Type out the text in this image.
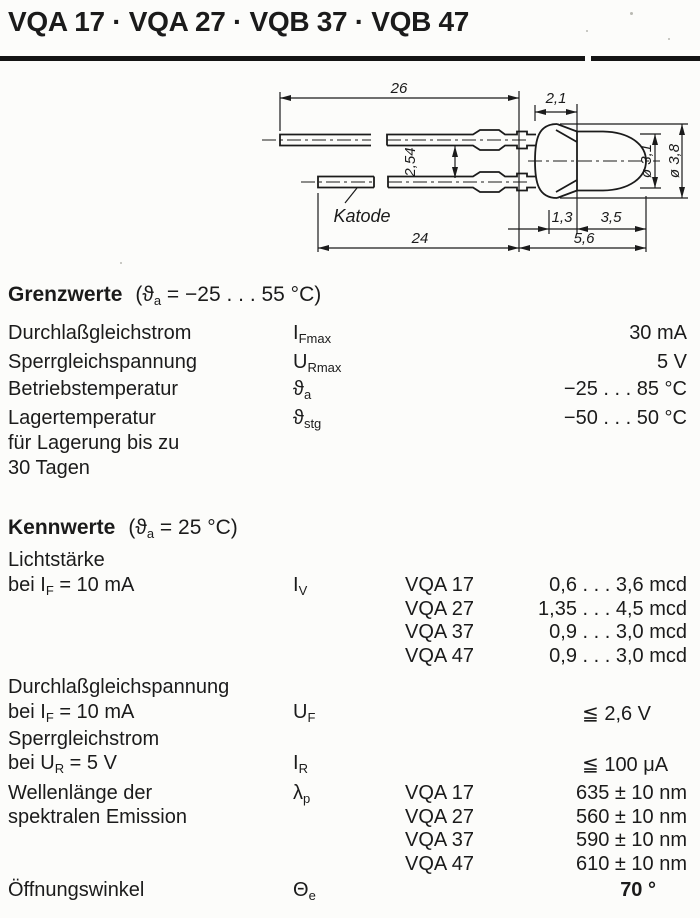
VQA 17 · VQA 27 · VQB 37 · VQB 47
26
2,1
2,54
24
1,3 3,5
5,6
ø 3,1 ø 3,8
Katode
Grenzwerte ($ϑ_a = -25$ . . . 55 °C)
Durchlaßgleichstrom	$I_{Fmax}$	30 mA
Sperrgleichspannung	$U_{Rmax}$	5 V
Betriebstemperatur	$ϑ_a$	−25 . . . 85 °C
Lagertemperatur	$ϑ_{stg}$	−50 . . . 50 °C
für Lagerung bis zu
30 Tagen
Kennwerte ($ϑ_a = 25$ °C)
Lichtstärke
bei $I_F = 10$ mA	$I_V$	VQA 17	0,6 . . . 3,6 mcd
VQA 27	1,35 . . . 4,5 mcd
VQA 37	0,9 . . . 3,0 mcd
VQA 47	0,9 . . . 3,0 mcd
Durchlaßgleichspannung
bei $I_F = 10$ mA	$U_F$	≦ 2,6 V
Sperrgleichstrom
bei $U_R = 5$ V	$I_R$	≦ 100 μA
Wellenlänge der
spektralen Emission
$\lambda_p$	VQA 17	635 ± 10 nm
VQA 27	560 ± 10 nm
VQA 37	590 ± 10 nm
VQA 47	610 ± 10 nm
Öffnungswinkel	$\Theta_e$	70 °
